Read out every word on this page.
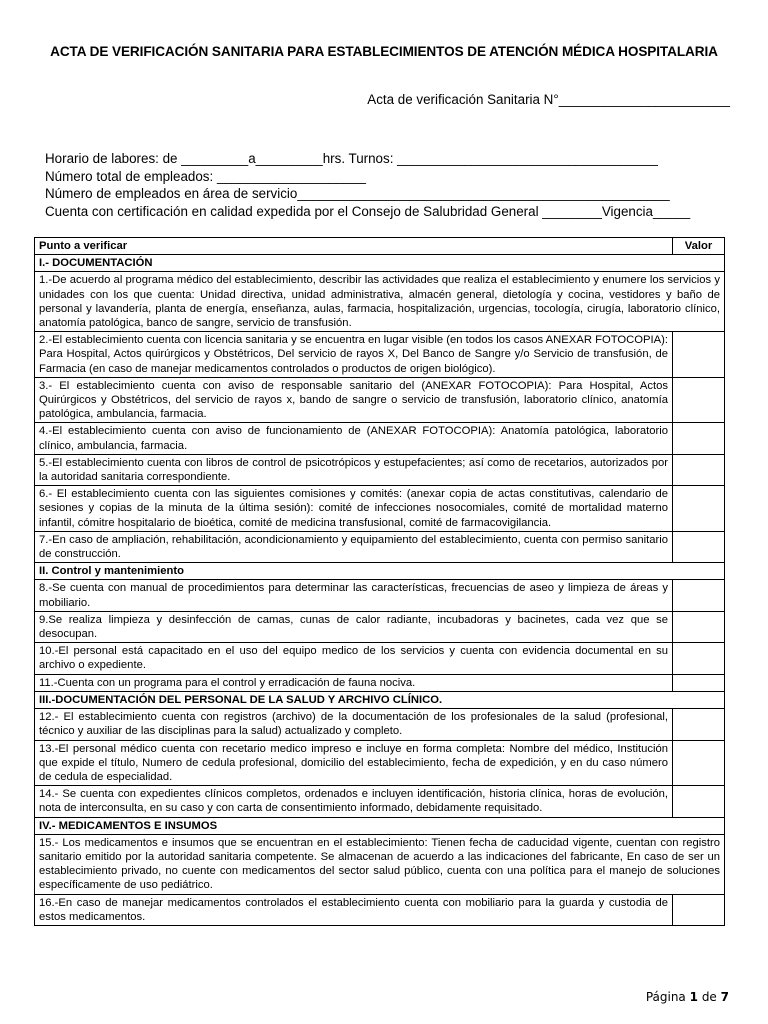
ACTA DE VERIFICACIÓN SANITARIA PARA ESTABLECIMIENTOS DE ATENCIÓN MÉDICA HOSPITALARIA
Acta de verificación Sanitaria N°_______________________
Horario de labores: de _________a_________hrs. Turnos: ___________________________________
Número total de empleados: ____________________
Número de empleados en área de servicio__________________________________________________
Cuenta con certificación en calidad expedida por el Consejo de Salubridad General ________Vigencia_____
Punto a verificar	Valor
I.- DOCUMENTACIÓN	
1.-De acuerdo al programa médico del establecimiento, describir las actividades que realiza el establecimiento y enumere los servicios y unidades con los que cuenta: Unidad directiva, unidad administrativa, almacén general, dietología y cocina, vestidores y baño de personal y lavandería, planta de energía, enseñanza, aulas, farmacia, hospitalización, urgencias, tocología, cirugía, laboratorio clínico, anatomía patológica, banco de sangre, servicio de transfusión.	
2.-El establecimiento cuenta con licencia sanitaria y se encuentra en lugar visible (en todos los casos ANEXAR FOTOCOPIA): Para Hospital, Actos quirúrgicos y Obstétricos, Del servicio de rayos X, Del Banco de Sangre y/o Servicio de transfusión, de Farmacia (en caso de manejar medicamentos controlados o productos de origen biológico).	
3.- El establecimiento cuenta con aviso de responsable sanitario del (ANEXAR FOTOCOPIA): Para Hospital, Actos Quirúrgicos y Obstétricos, del servicio de rayos x, bando de sangre o servicio de transfusión, laboratorio clínico, anatomía patológica, ambulancia, farmacia.	
4.-El establecimiento cuenta con aviso de funcionamiento de (ANEXAR FOTOCOPIA): Anatomía patológica, laboratorio clínico, ambulancia, farmacia.	
5.-El establecimiento cuenta con libros de control de psicotrópicos y estupefacientes; así como de recetarios, autorizados por la autoridad sanitaria correspondiente.	
6.- El establecimiento cuenta con las siguientes comisiones y comités: (anexar copia de actas constitutivas, calendario de sesiones y copias de la minuta de la última sesión): comité de infecciones nosocomiales, comité de mortalidad materno infantil, cómitre hospitalario de bioética, comité de medicina transfusional, comité de farmacovigilancia.	
7.-En caso de ampliación, rehabilitación, acondicionamiento y equipamiento del establecimiento, cuenta con permiso sanitario de construcción.	
II. Control y mantenimiento	
8.-Se cuenta con manual de procedimientos para determinar las características, frecuencias de aseo y limpieza de áreas y mobiliario.	
9.Se realiza limpieza y desinfección de camas, cunas de calor radiante, incubadoras y bacinetes, cada vez que se desocupan.	
10.-El personal está capacitado en el uso del equipo medico de los servicios y cuenta con evidencia documental en su archivo o expediente.	
11.-Cuenta con un programa para el control y erradicación de fauna nociva.	
III.-DOCUMENTACIÓN DEL PERSONAL DE LA SALUD Y ARCHIVO CLÍNICO.	
12.- El establecimiento cuenta con registros (archivo) de la documentación de los profesionales de la salud (profesional, técnico y auxiliar de las disciplinas para la salud) actualizado y completo.	
13.-El personal médico cuenta con recetario medico impreso e incluye en forma completa: Nombre del médico, Institución que expide el título, Numero de cedula profesional, domicilio del establecimiento, fecha de expedición, y en du caso número de cedula de especialidad.	
14.- Se cuenta con expedientes clínicos completos, ordenados e incluyen identificación, historia clínica, horas de evolución, nota de interconsulta, en su caso y con carta de consentimiento informado, debidamente requisitado.	
IV.- MEDICAMENTOS E INSUMOS	
15.- Los medicamentos e insumos que se encuentran en el establecimiento: Tienen fecha de caducidad vigente, cuentan con registro sanitario emitido por la autoridad sanitaria competente. Se almacenan de acuerdo a las indicaciones del fabricante, En caso de ser un establecimiento privado, no cuente con medicamentos del sector salud público, cuenta con una política para el manejo de soluciones específicamente de uso pediátrico.	
16.-En caso de manejar medicamentos controlados el establecimiento cuenta con mobiliario para la guarda y custodia de estos medicamentos.	
Página 1 de 7
